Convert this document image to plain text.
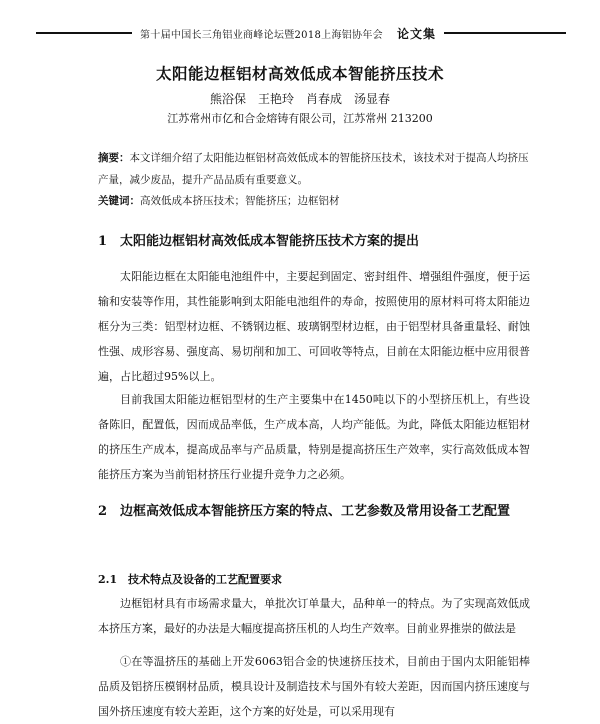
第十届中国长三角铝业商峰论坛暨2018上海铝协年会 论文集
太阳能边框铝材高效低成本智能挤压技术
熊浴保　王艳玲　肖春成　汤显春
江苏常州市亿和合金熔铸有限公司，江苏常州 213200
摘要：本文详细介绍了太阳能边框铝材高效低成本的智能挤压技术，该技术对于提高人均挤压产量，减少废品，提升产品品质有重要意义。
关键词：高效低成本挤压技术；智能挤压；边框铝材
1 太阳能边框铝材高效低成本智能挤压技术方案的提出

太阳能边框在太阳能电池组件中，主要起到固定、密封组件、增强组件强度，便于运输和安装等作用，其性能影响到太阳能电池组件的寿命，按照使用的原材料可将太阳能边框分为三类：铝型材边框、不锈钢边框、玻璃钢型材边框，由于铝型材具备重量轻、耐蚀性强、成形容易、强度高、易切削和加工、可回收等特点，目前在太阳能边框中应用很普遍，占比超过95%以上。

目前我国太阳能边框铝型材的生产主要集中在1450吨以下的小型挤压机上，有些设备陈旧，配置低，因而成品率低，生产成本高，人均产能低。为此，降低太阳能边框铝材的挤压生产成本，提高成品率与产品质量，特别是提高挤压生产效率，实行高效低成本智能挤压方案为当前铝材挤压行业提升竞争力之必须。

2 边框高效低成本智能挤压方案的特点、工艺参数及常用设备工艺配置
2.1 技术特点及设备的工艺配置要求

边框铝材具有市场需求量大，单批次订单量大，品种单一的特点。为了实现高效低成本挤压方案，最好的办法是大幅度提高挤压机的人均生产效率。目前业界推崇的做法是

①在等温挤压的基础上开发6063铝合金的快速挤压技术，目前由于国内太阳能铝棒品质及铝挤压模钢材品质，模具设计及制造技术与国外有较大差距，因而国内挤压速度与国外挤压速度有较大差距，这个方案的好处是，可以采用现有
